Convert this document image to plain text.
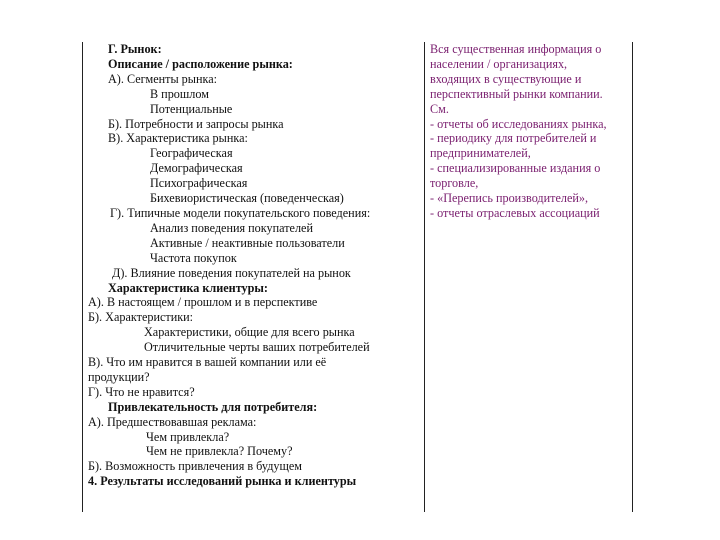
Г. Рынок:
Описание / расположение рынка:
А). Сегменты рынка:
В прошлом
Потенциальные
Б). Потребности и запросы рынка
В). Характеристика рынка:
Географическая
Демографическая
Психографическая
Бихевиористическая (поведенческая)
Г). Типичные модели покупательского поведения:
Анализ поведения покупателей
Активные / неактивные пользователи
Частота покупок
Д). Влияние поведения покупателей на рынок
Характеристика клиентуры:
А). В настоящем / прошлом и в перспективе
Б). Характеристики:
Характеристики, общие для всего рынка
Отличительные черты ваших потребителей
В). Что им нравится в вашей компании или её
продукции?
Г). Что не нравится?
Привлекательность для потребителя:
А). Предшествовавшая реклама:
Чем привлекла?
Чем не привлекла? Почему?
Б). Возможность привлечения в будущем
4. Результаты исследований рынка и клиентуры
Вся существенная информация о
населении / организациях,
входящих в существующие и
перспективный рынки компании.
См.
- отчеты об исследованиях рынка,
- периодику для потребителей и
предпринимателей,
- специализированные издания о
торговле,
- «Перепись производителей»,
- отчеты отраслевых ассоциаций
